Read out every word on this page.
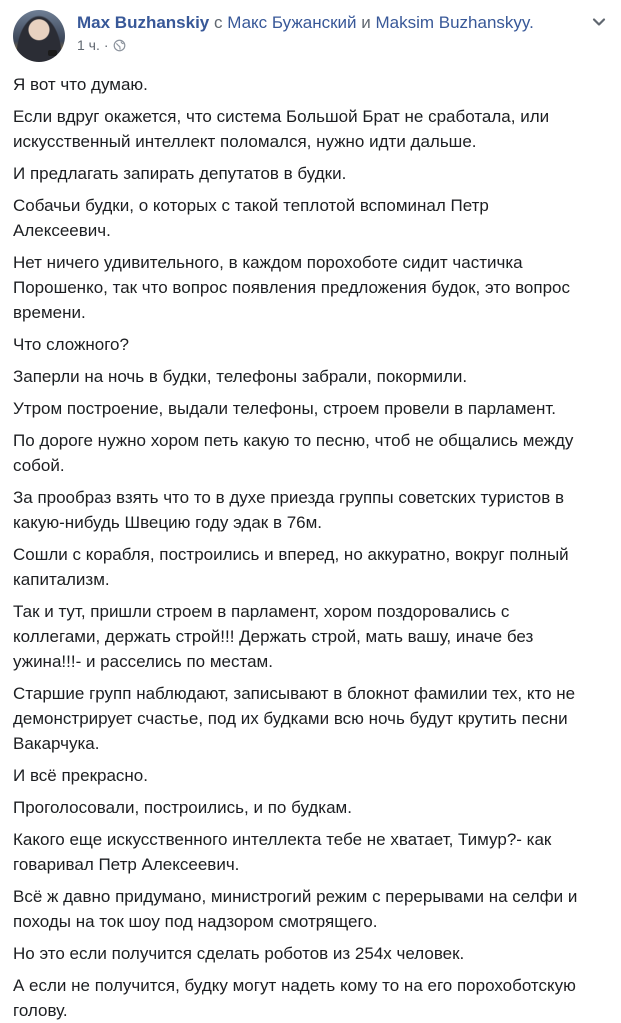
Max Buzhanskiy с Макс Бужанский и Maksim Buzhanskyy.
1 ч. ·

Я вот что думаю.

Если вдруг окажется, что система Большой Брат не сработала, или искусственный интеллект поломался, нужно идти дальше.

И предлагать запирать депутатов в будки.

Собачьи будки, о которых с такой теплотой вспоминал Петр Алексеевич.

Нет ничего удивительного, в каждом порохоботе сидит частичка Порошенко, так что вопрос появления предложения будок, это вопрос времени.

Что сложного?

Заперли на ночь в будки, телефоны забрали, покормили.

Утром построение, выдали телефоны, строем провели в парламент.

По дороге нужно хором петь какую то песню, чтоб не общались между собой.

За прообраз взять что то в духе приезда группы советских туристов в какую-нибудь Швецию году эдак в 76м.

Сошли с корабля, построились и вперед, но аккуратно, вокруг полный капитализм.

Так и тут, пришли строем в парламент, хором поздоровались с коллегами, держать строй!!! Держать строй, мать вашу, иначе без ужина!!!- и расселись по местам.

Старшие групп наблюдают, записывают в блокнот фамилии тех, кто не демонстрирует счастье, под их будками всю ночь будут крутить песни Вакарчука.

И всё прекрасно.

Проголосовали, построились, и по будкам.

Какого еще искусственного интеллекта тебе не хватает, Тимур?- как говаривал Петр Алексеевич.

Всё ж давно придумано, министрогий режим с перерывами на селфи и походы на ток шоу под надзором смотрящего.

Но это если получится сделать роботов из 254х человек.

А если не получится, будку могут надеть кому то на его порохоботскую голову.
